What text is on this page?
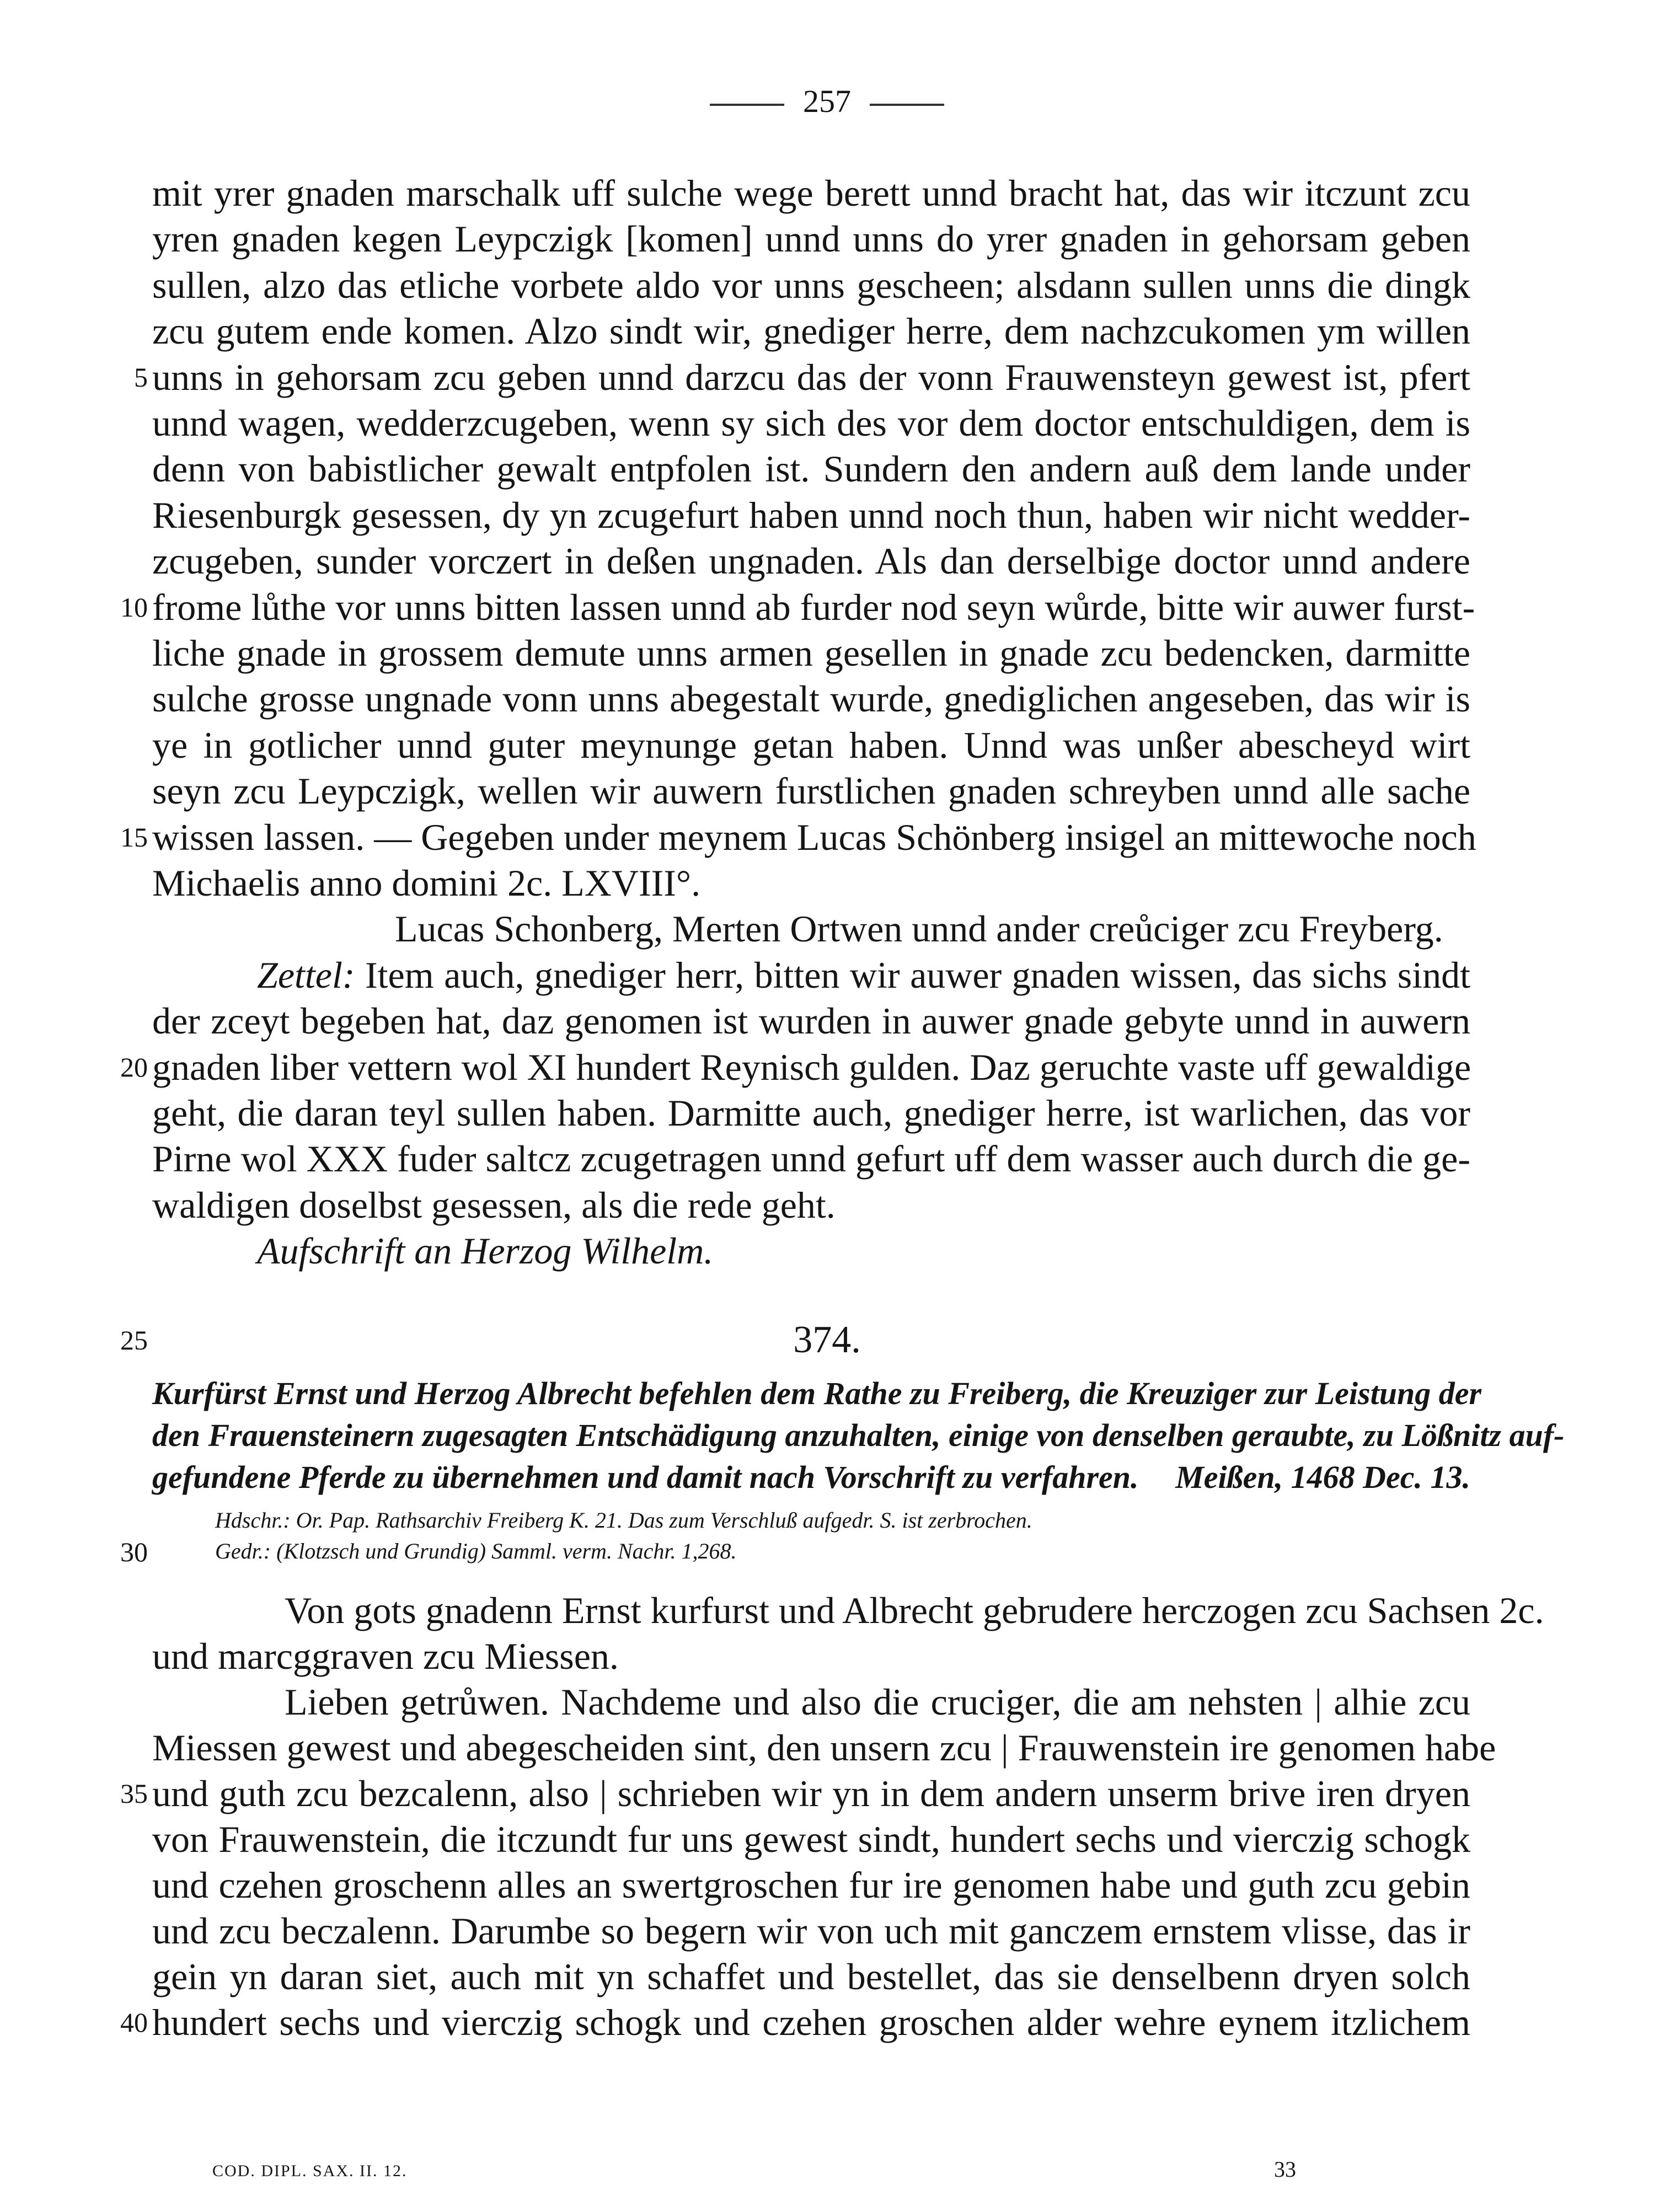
257
mit yrer gnaden marschalk uff sulche wege berett unnd bracht hat, das wir itczunt zcu
yren gnaden kegen Leypczigk [komen] unnd unns do yrer gnaden in gehorsam geben
sullen, alzo das etliche vorbete aldo vor unns gescheen; alsdann sullen unns die dingk
zcu gutem ende komen. Alzo sindt wir, gnediger herre, dem nachzcukomen ym willen
5 unns in gehorsam zcu geben unnd darzcu das der vonn Frauwensteyn gewest ist, pfert
unnd wagen, wedderzcugeben, wenn sy sich des vor dem doctor entschuldigen, dem is
denn von babistlicher gewalt entpfolen ist. Sundern den andern auß dem lande under
Riesenburgk gesessen, dy yn zcugefurt haben unnd noch thun, haben wir nicht wedder-
zcugeben, sunder vorczert in deßen ungnaden. Als dan derselbige doctor unnd andere
10 frome lůthe vor unns bitten lassen unnd ab furder nod seyn wůrde, bitte wir auwer furst-
liche gnade in grossem demute unns armen gesellen in gnade zcu bedencken, darmitte
sulche grosse ungnade vonn unns abegestalt wurde, gnediglichen angeseben, das wir is
ye in gotlicher unnd guter meynunge getan haben. Unnd was unßer abescheyd wirt
seyn zcu Leypczigk, wellen wir auwern furstlichen gnaden schreyben unnd alle sache
15 wissen lassen. — Gegeben under meynem Lucas Schönberg insigel an mittewoche noch
Michaelis anno domini 2c. LXVIII°.
Lucas Schonberg, Merten Ortwen unnd ander creůciger zcu Freyberg.
Zettel: Item auch, gnediger herr, bitten wir auwer gnaden wissen, das sichs sindt
der zceyt begeben hat, daz genomen ist wurden in auwer gnade gebyte unnd in auwern
20 gnaden liber vettern wol XI hundert Reynisch gulden. Daz geruchte vaste uff gewaldige
geht, die daran teyl sullen haben. Darmitte auch, gnediger herre, ist warlichen, das vor
Pirne wol XXX fuder saltcz zcugetragen unnd gefurt uff dem wasser auch durch die ge-
waldigen doselbst gesessen, als die rede geht.
Aufschrift an Herzog Wilhelm.
25	374.
Kurfürst Ernst und Herzog Albrecht befehlen dem Rathe zu Freiberg, die Kreuziger zur Leistung der
den Frauensteinern zugesagten Entschädigung anzuhalten, einige von denselben geraubte, zu Lößnitz auf-
gefundene Pferde zu übernehmen und damit nach Vorschrift zu verfahren.	Meißen, 1468 Dec. 13.
Hdschr.: Or. Pap. Rathsarchiv Freiberg K. 21. Das zum Verschluß aufgedr. S. ist zerbrochen.
30	Gedr.: (Klotzsch und Grundig) Samml. verm. Nachr. 1,268.
Von gots gnadenn Ernst kurfurst und Albrecht gebrudere herczogen zcu Sachsen 2c.
und marcggraven zcu Miessen.
Lieben getrůwen. Nachdeme und also die cruciger, die am nehsten | alhie zcu
Miessen gewest und abegescheiden sint, den unsern zcu | Frauwenstein ire genomen habe
35 und guth zcu bezcalenn, also | schrieben wir yn in dem andern unserm brive iren dryen
von Frauwenstein, die itczundt fur uns gewest sindt, hundert sechs und vierczig schogk
und czehen groschenn alles an swertgroschen fur ire genomen habe und guth zcu gebin
und zcu beczalenn. Darumbe so begern wir von uch mit ganczem ernstem vlisse, das ir
gein yn daran siet, auch mit yn schaffet und bestellet, das sie denselbenn dryen solch
40 hundert sechs und vierczig schogk und czehen groschen alder wehre eynem itzlichem
COD. DIPL. SAX. II. 12.	33
